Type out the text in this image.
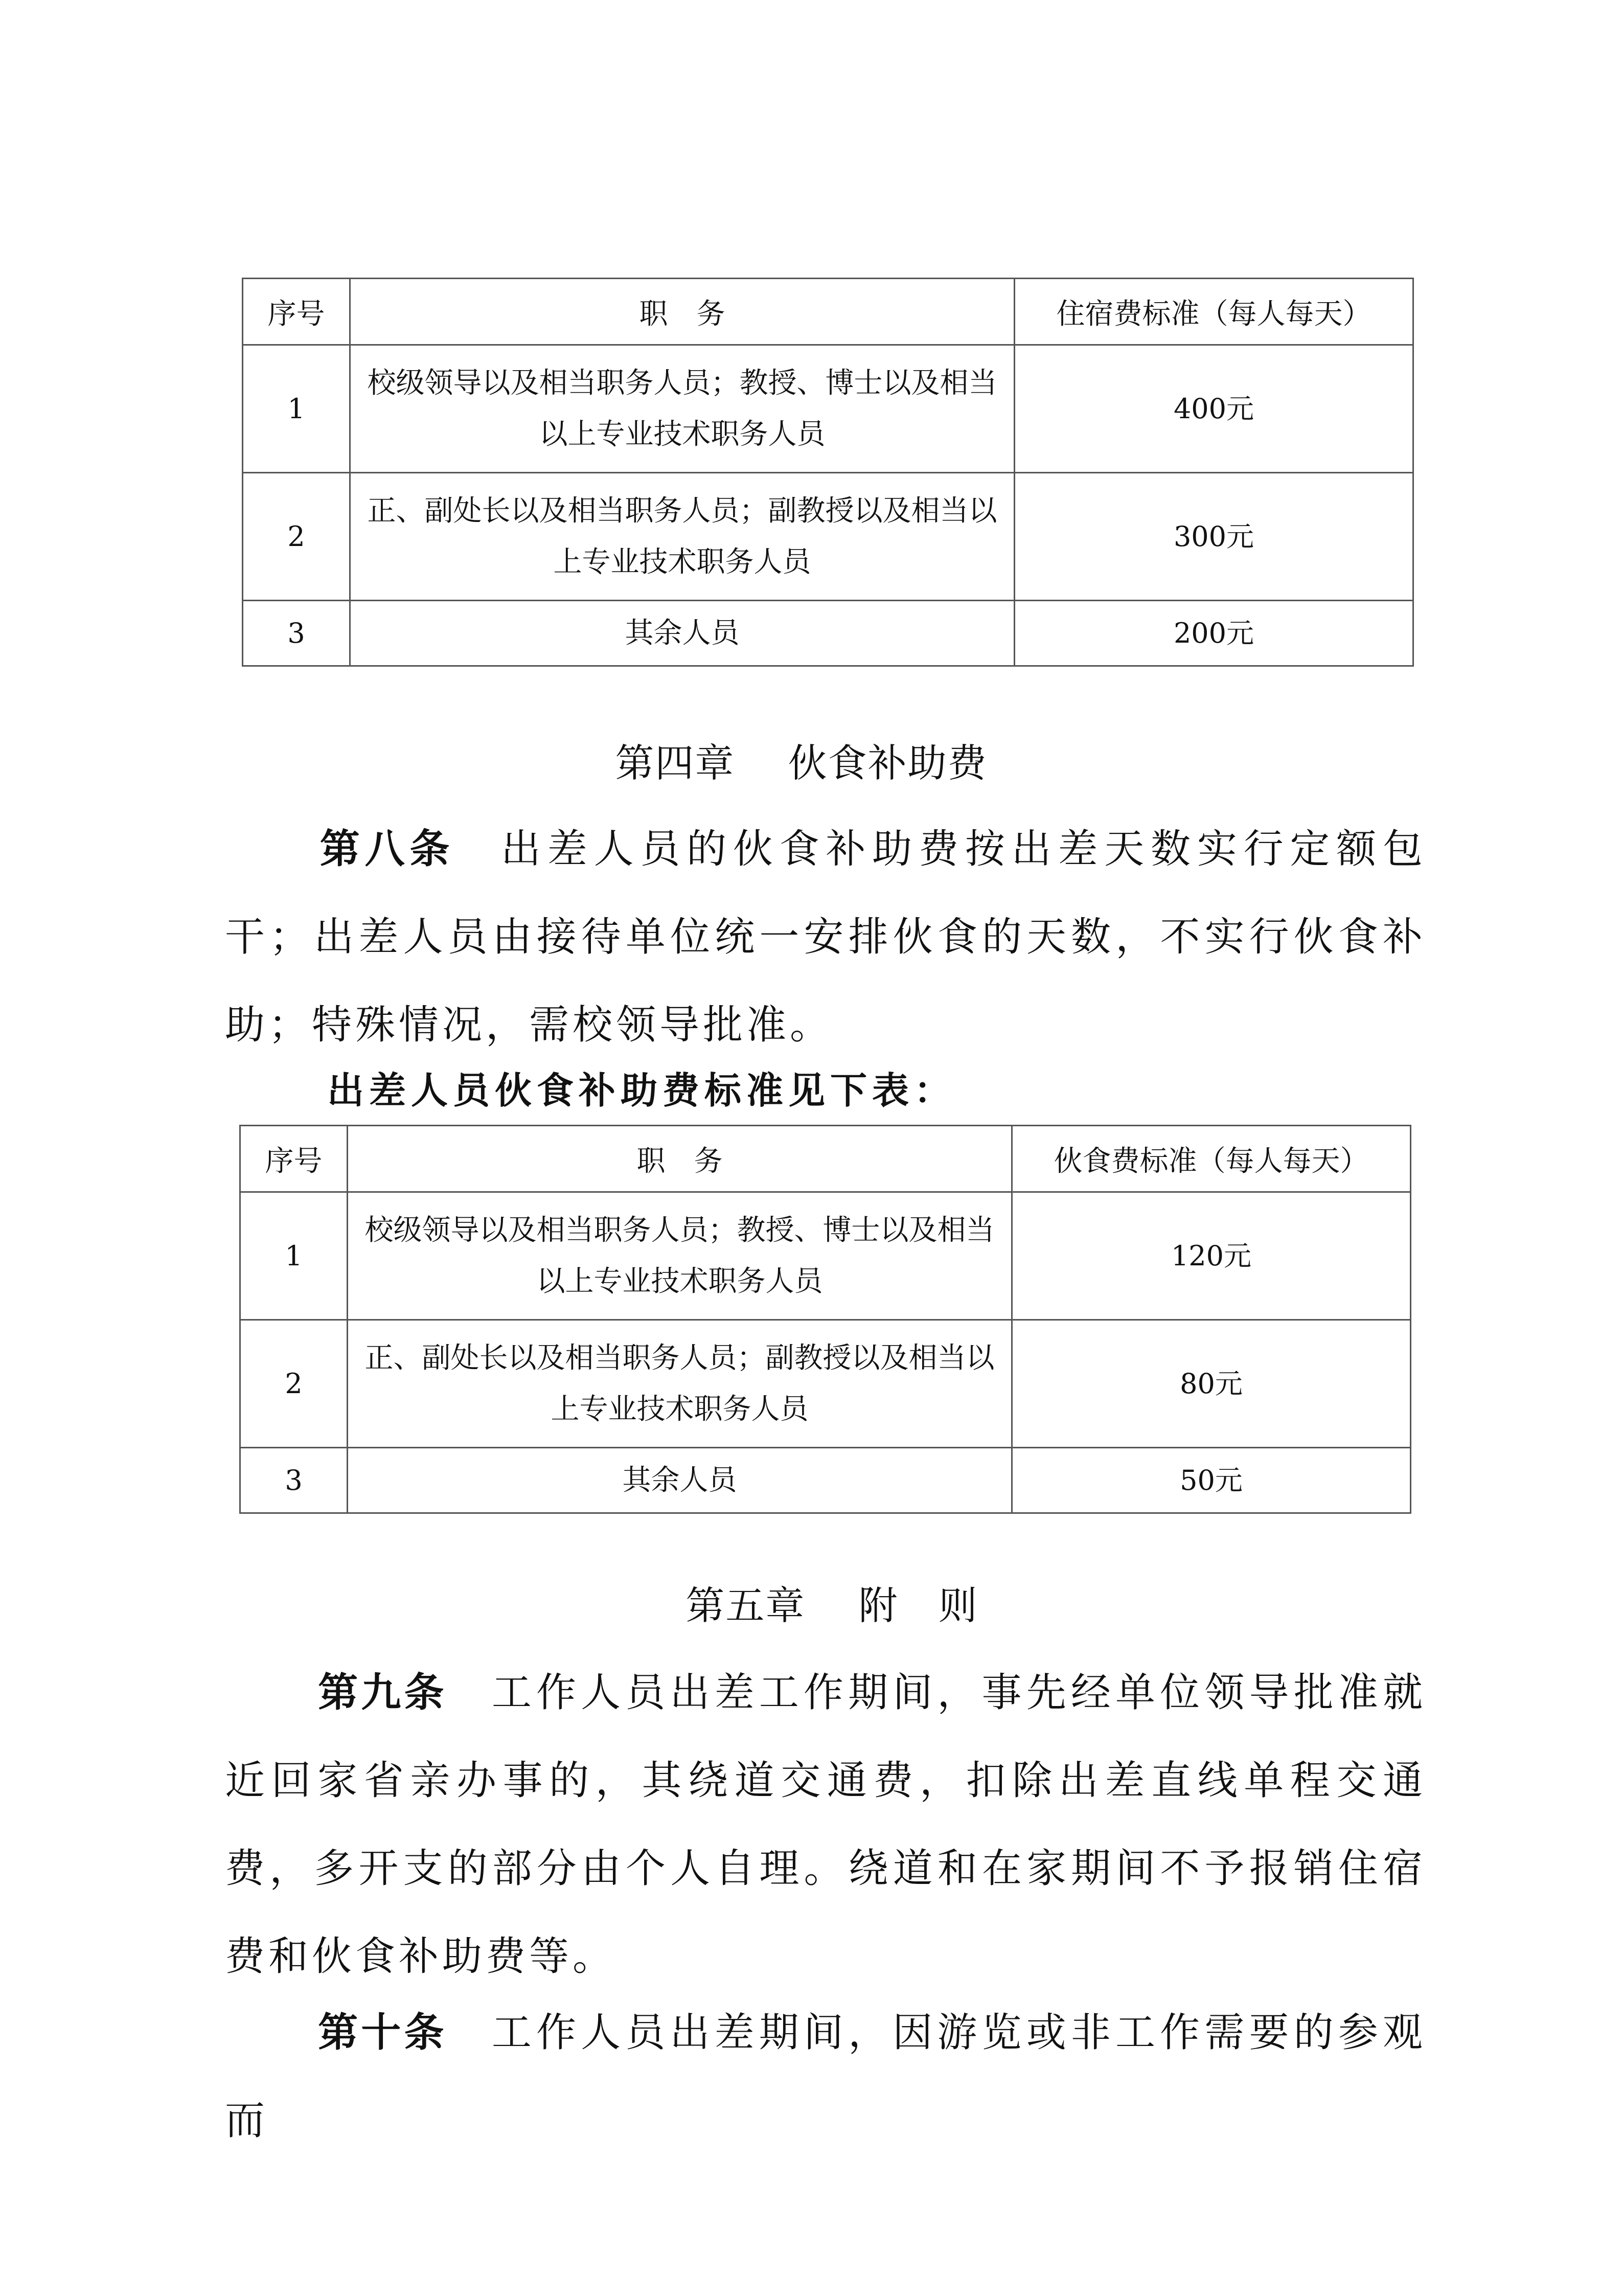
序号	职　务	住宿费标准（每人每天）
1	校级领导以及相当职务人员；教授、博士以及相当以上专业技术职务人员	400元
2	正、副处长以及相当职务人员；副教授以及相当以上专业技术职务人员	300元
3	其余人员	200元
第四章　 伙食补助费
第八条　 出差人员的伙食补助费按出差天数实行定额包干；出差人员由接待单位统一安排伙食的天数，不实行伙食补助；特殊情况，需校领导批准。
出差人员伙食补助费标准见下表：
序号	职　务	伙食费标准（每人每天）
1	校级领导以及相当职务人员；教授、博士以及相当以上专业技术职务人员	120元
2	正、副处长以及相当职务人员；副教授以及相当以上专业技术职务人员	80元
3	其余人员	50元
第五章　 附　则
第九条　 工作人员出差工作期间，事先经单位领导批准就近回家省亲办事的，其绕道交通费，扣除出差直线单程交通费，多开支的部分由个人自理。绕道和在家期间不予报销住宿费和伙食补助费等。
第十条　 工作人员出差期间，因游览或非工作需要的参观而
